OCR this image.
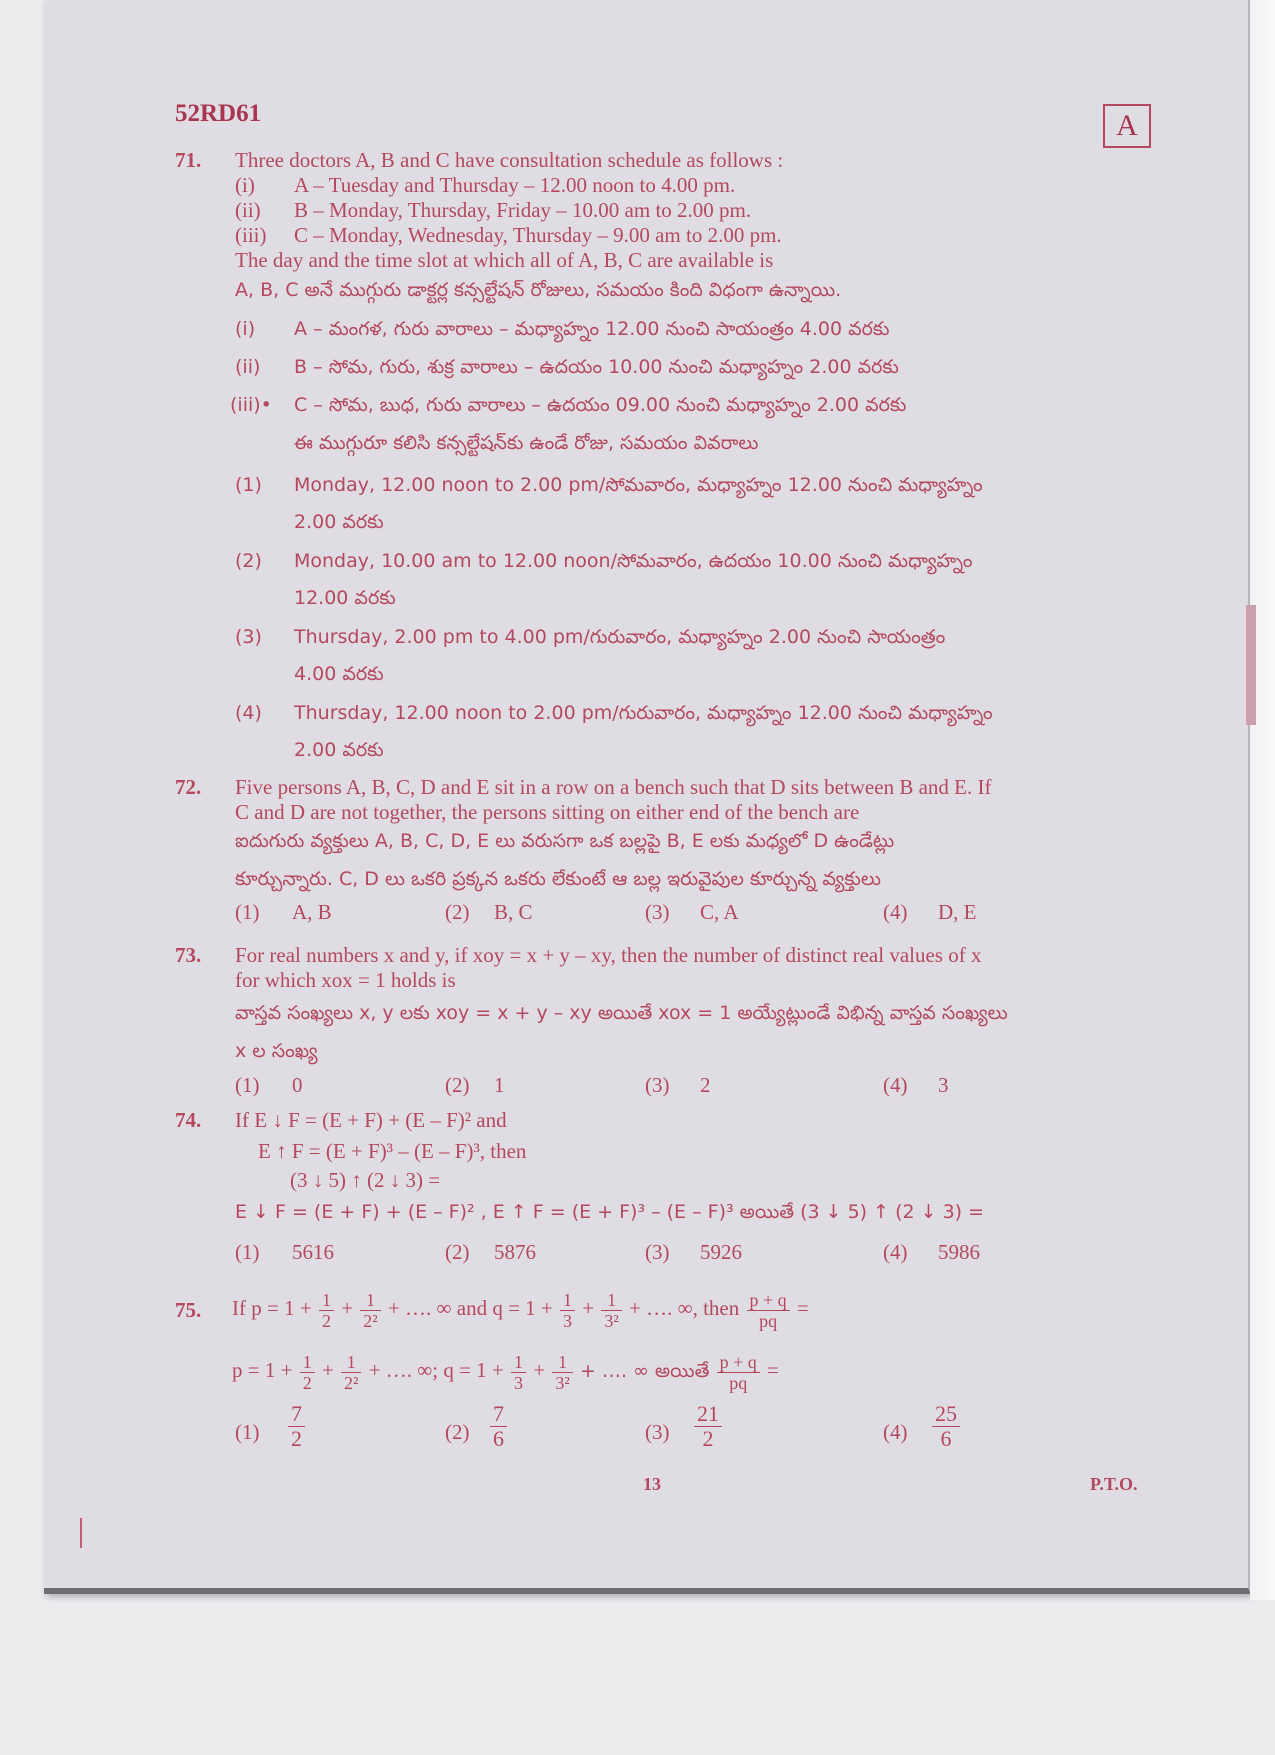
52RD61	A
71. Three doctors A, B and C have consultation schedule as follows :
(i) A – Tuesday and Thursday – 12.00 noon to 4.00 pm.
(ii) B – Monday, Thursday, Friday – 10.00 am to 2.00 pm.
(iii) C – Monday, Wednesday, Thursday – 9.00 am to 2.00 pm.
The day and the time slot at which all of A, B, C are available is
A, B, C అనే ముగ్గురు డాక్టర్ల కన్సల్టేషన్ రోజులు, సమయం కింది విధంగా ఉన్నాయి.
(i) A – మంగళ, గురు వారాలు – మధ్యాహ్నం 12.00 నుంచి సాయంత్రం 4.00 వరకు
(ii) B – సోమ, గురు, శుక్ర వారాలు – ఉదయం 10.00 నుంచి మధ్యాహ్నం 2.00 వరకు
(iii)• C – సోమ, బుధ, గురు వారాలు – ఉదయం 09.00 నుంచి మధ్యాహ్నం 2.00 వరకు
ఈ ముగ్గురూ కలిసి కన్సల్టేషన్‌కు ఉండే రోజు, సమయం వివరాలు
(1) Monday, 12.00 noon to 2.00 pm/సోమవారం, మధ్యాహ్నం 12.00 నుంచి మధ్యాహ్నం
2.00 వరకు
(2) Monday, 10.00 am to 12.00 noon/సోమవారం, ఉదయం 10.00 నుంచి మధ్యాహ్నం
12.00 వరకు
(3) Thursday, 2.00 pm to 4.00 pm/గురువారం, మధ్యాహ్నం 2.00 నుంచి సాయంత్రం
4.00 వరకు
(4) Thursday, 12.00 noon to 2.00 pm/గురువారం, మధ్యాహ్నం 12.00 నుంచి మధ్యాహ్నం
2.00 వరకు
72. Five persons A, B, C, D and E sit in a row on a bench such that D sits between B and E. If
C and D are not together, the persons sitting on either end of the bench are
ఐదుగురు వ్యక్తులు A, B, C, D, E లు వరుసగా ఒక బల్లపై B, E లకు మధ్యలో D ఉండేట్లు
కూర్చున్నారు. C, D లు ఒకరి ప్రక్కన ఒకరు లేకుంటే ఆ బల్ల ఇరువైపుల కూర్చున్న వ్యక్తులు
(1) A, B	(2) B, C	(3) C, A	(4) D, E
73. For real numbers x and y, if xoy = x + y – xy, then the number of distinct real values of x
for which xox = 1 holds is
వాస్తవ సంఖ్యలు x, y లకు xoy = x + y – xy అయితే xox = 1 అయ్యేట్లుండే విభిన్న వాస్తవ సంఖ్యలు
x ల సంఖ్య
(1) 0	(2) 1	(3) 2	(4) 3
74. If E ↓ F = (E + F) + (E – F)² and
E ↑ F = (E + F)³ – (E – F)³, then
(3 ↓ 5) ↑ (2 ↓ 3) =
E ↓ F = (E + F) + (E – F)² , E ↑ F = (E + F)³ – (E – F)³ అయితే (3 ↓ 5) ↑ (2 ↓ 3) =
(1) 5616	(2) 5876	(3) 5926	(4) 5986
75. If $p = 1 + \frac{1}{2} + \frac{1}{\text{2²}}$ + …. ∞ and $q = 1 + \frac{1}{3} + \frac{1}{\text{3²}}$ + …. ∞, then $\frac{p + q}{pq}$ =
$p = 1 + \frac{1}{2} + \frac{1}{\text{2²}}$ + …. ∞; $q = 1 + \frac{1}{3} + \frac{1}{\text{3²}}$ + …. ∞ అయితే $\frac{p + q}{pq}$ =
$(1) \frac{7}{2}$	$(2) \frac{7}{6}$	$(3) \frac{21}{2}$	$(4) \frac{25}{6}$
13	P.T.O.
